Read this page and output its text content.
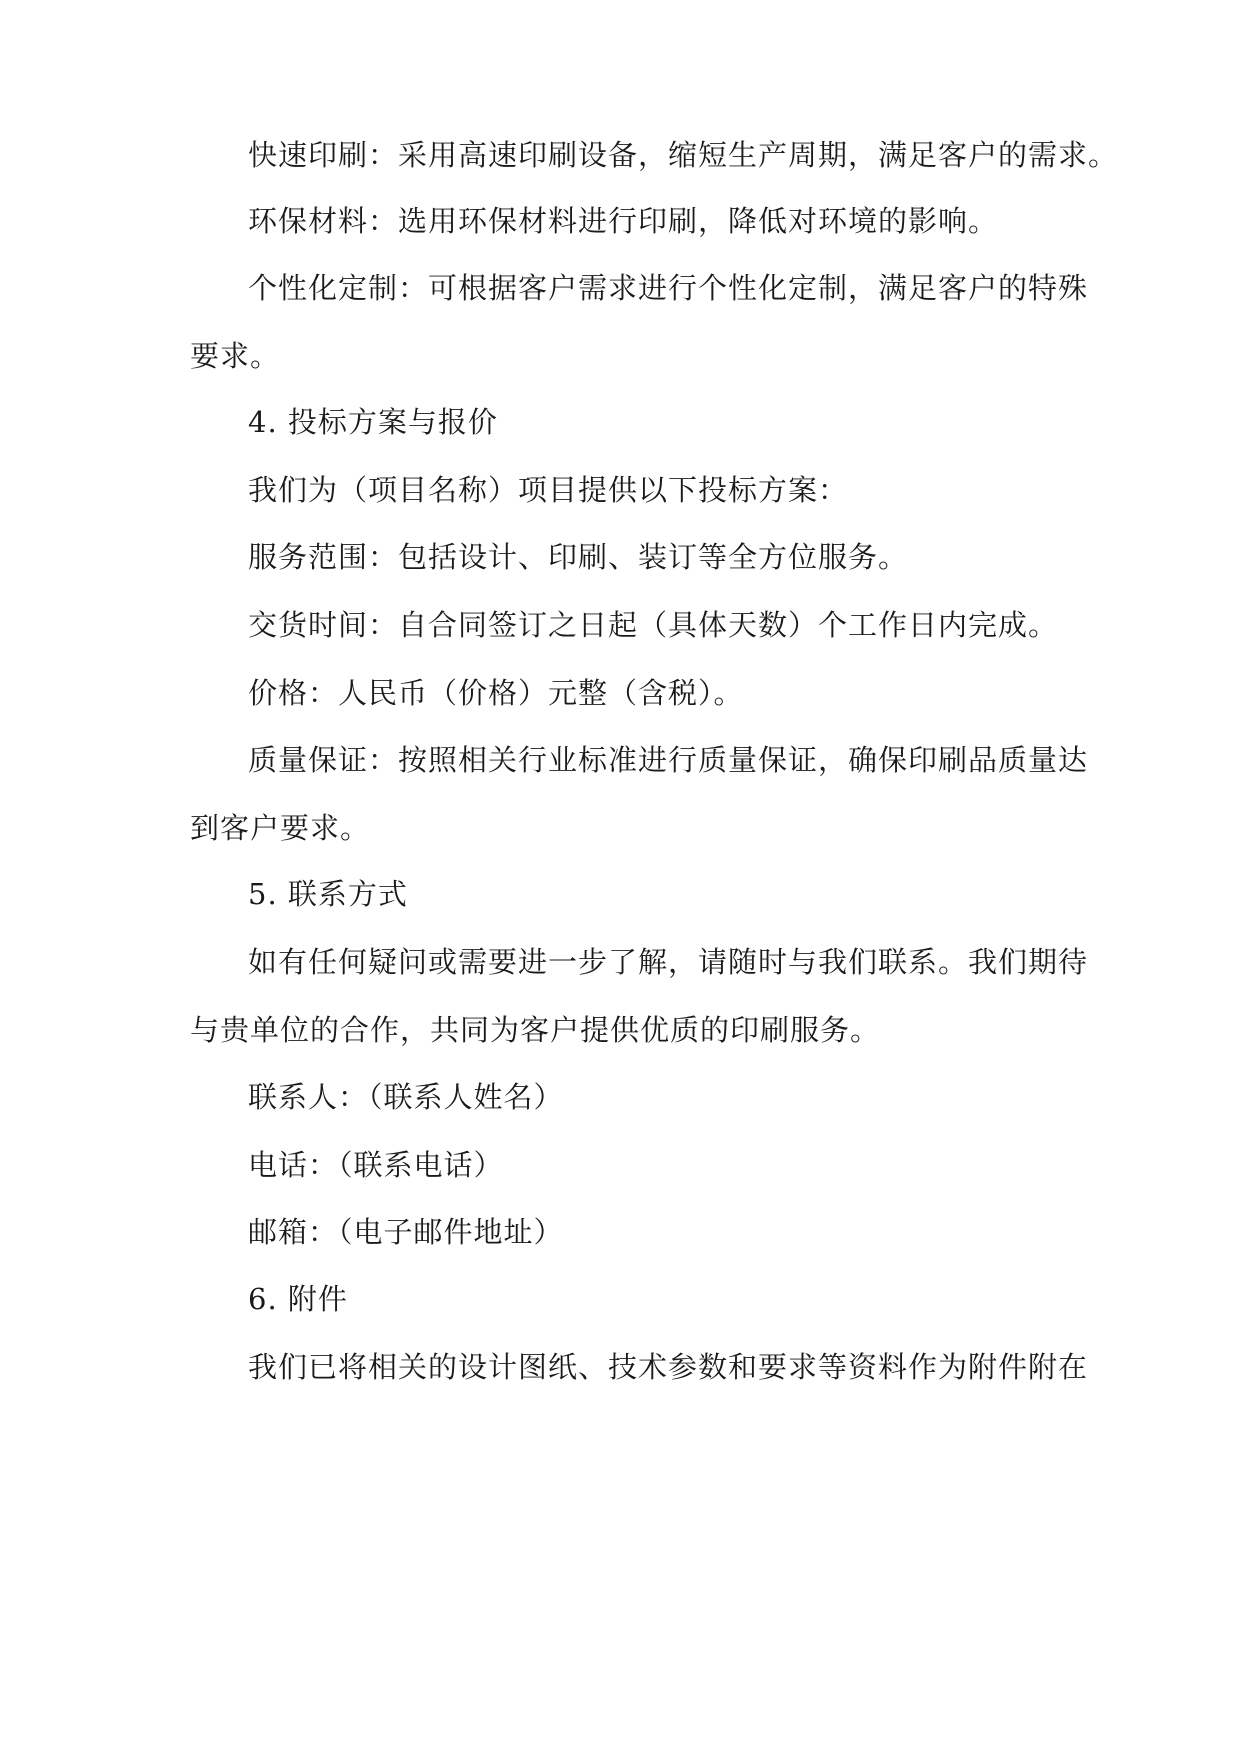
快速印刷：采用高速印刷设备，缩短生产周期，满足客户的需求。
环保材料：选用环保材料进行印刷，降低对环境的影响。
个性化定制：可根据客户需求进行个性化定制，满足客户的特殊
要求。
4. 投标方案与报价
我们为（项目名称）项目提供以下投标方案：
服务范围：包括设计、印刷、装订等全方位服务。
交货时间：自合同签订之日起（具体天数）个工作日内完成。
价格：人民币（价格）元整（含税）。
质量保证：按照相关行业标准进行质量保证，确保印刷品质量达
到客户要求。
5. 联系方式
如有任何疑问或需要进一步了解，请随时与我们联系。我们期待
与贵单位的合作，共同为客户提供优质的印刷服务。
联系人：（联系人姓名）
电话：（联系电话）
邮箱：（电子邮件地址）
6. 附件
我们已将相关的设计图纸、技术参数和要求等资料作为附件附在
